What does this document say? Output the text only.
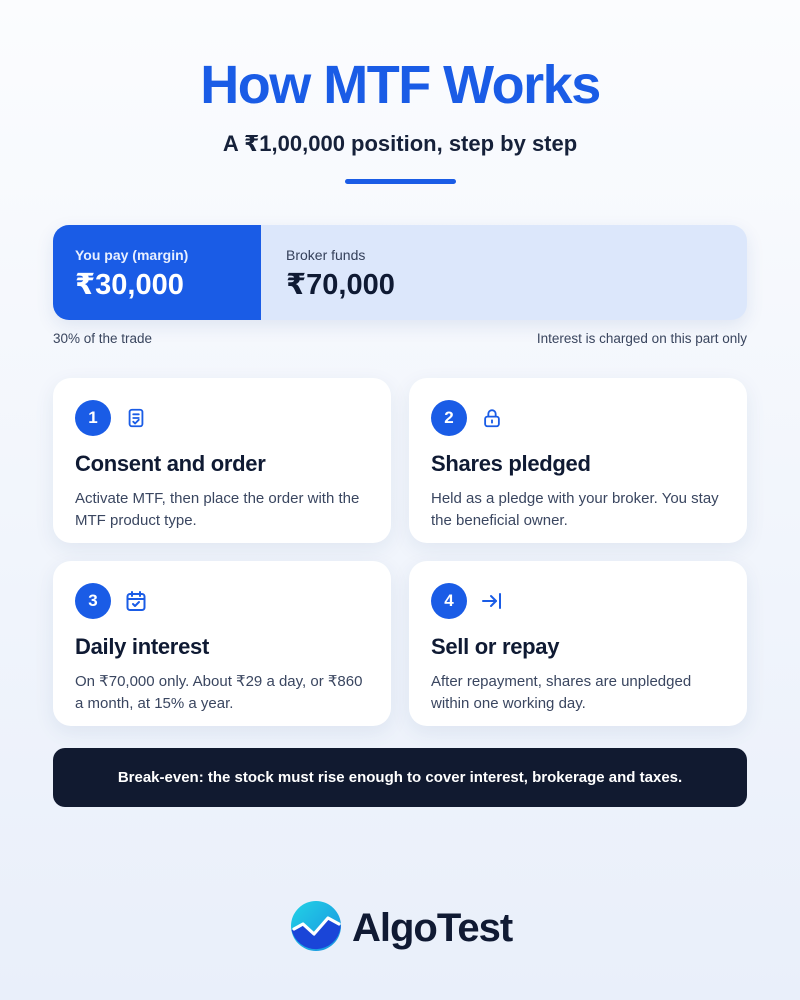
How MTF Works
A ₹1,00,000 position, step by step
You pay (margin)
₹30,000
Broker funds
₹70,000
30% of the trade	Interest is charged on this part only
1
Consent and order
Activate MTF, then place the order with the MTF product type.
2
Shares pledged
Held as a pledge with your broker. You stay the beneficial owner.
3
Daily interest
On ₹70,000 only. About ₹29 a day, or ₹860 a month, at 15% a year.
4
Sell or repay
After repayment, shares are unpledged within one working day.
Break-even: the stock must rise enough to cover interest, brokerage and taxes.
AlgoTest
